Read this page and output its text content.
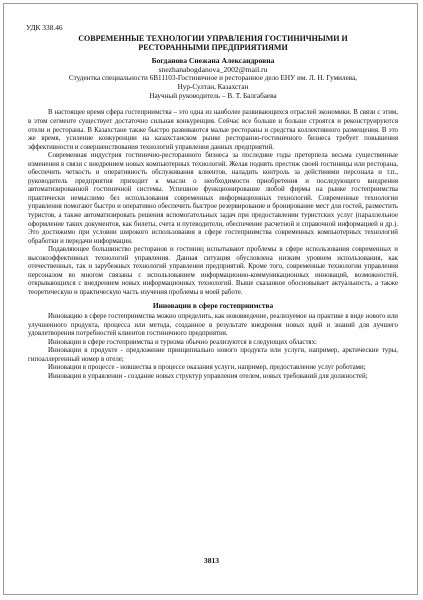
УДК 338.46
СОВРЕМЕННЫЕ ТЕХНОЛОГИИ УПРАВЛЕНИЯ ГОСТИНИЧНЫМИ И
РЕСТОРАННЫМИ ПРЕДПРИЯТИЯМИ
Богданова Снежана Александровна
snezhanabogdanova_2002@mail.ru
Студентка специальности 6В11103-Гостиничное и ресторанное дело ЕНУ им. Л. Н. Гумилева,
Нур-Султан, Казахстан
Научный руководитель – В. Т. Балгабаева

В настоящее время сфера гостеприимства – это одна из наиболее развивающихся отраслей экономики. В связи с этим, в этом сегменте существует достаточно сильная конкуренция. Сейчас все больше и больше строятся и реконструируются отели и рестораны. В Казахстане также быстро развиваются малые рестораны и средства коллективного размещения. В это же время, усиление конкуренции на казахстанском рынке ресторанно-гостиничного бизнеса требует повышения эффективности и совершенствования технологий управления данных предприятий.

Современная индустрия гостинично-ресторанного бизнеса за последние годы претерпела весьма существенные изменения в связи с внедрением новых компьютерных технологий. Желая поднять престиж своей гостиницы или ресторана, обеспечить четкость и оперативность обслуживания клиентов, наладить контроль за действиями персонала и т.п., руководитель предприятия приходит к мысли о необходимости приобретения и последующего внедрения автоматизированной гостиничной системы. Успешное функционирование любой фирмы на рынке гостеприимства практически немыслимо без использования современных информационных технологий. Современные технологии управления помогают быстро и оперативно обеспечить быстрое резервирование и бронирование мест для гостей, разместить туристов, а также автоматизировать решения вспомогательных задач при предоставлении туристских услуг (параллельное оформление таких документов, как билеты, счета и путеводители, обеспечение расчетной и справочной информацией и др.). Это достижимо при условии широкого использования в сфере гостеприимства современных компьютерных технологий обработки и передачи информации.

Подавляющее большинство ресторанов и гостиниц испытывают проблемы в сфере использования современных и высокоэффективных технологий управления. Данная ситуация обусловлена низким уровнем использования, как отечественных, так и зарубежных технологий управления предприятий. Кроме того, современные технологии управления персоналом во многом связаны с использованием информационно-коммуникационных инноваций, возможностей, открывающихся с внедрением новых информационных технологий. Выше сказанное обосновывает актуальность, а также теоретическую и практическую часть изучения проблемы в моей работе.

Инновации в сфере гостеприимства

Инновацию в сфере гостеприимства можно определить, как нововведение, реализуемое на практике в виде нового или улучшенного продукта, процесса или метода, созданное в результате внедрения новых идей и знаний для лучшего удовлетворения потребностей клиентов гостиничного предприятия.

Инновации в сфере гостеприимства и туризма обычно реализуются в следующих областях:

Инновации в продукте - предложение принципиально нового продукта или услуги, например, арктические туры, гипоаллергенный номер в отеле;

Инновации в процессе - новшества в процессе оказания услуги, например, предоставление услуг роботами;

Инновации в управлении - создание новых структур управления отелем, новых требований для должностей;

3813
